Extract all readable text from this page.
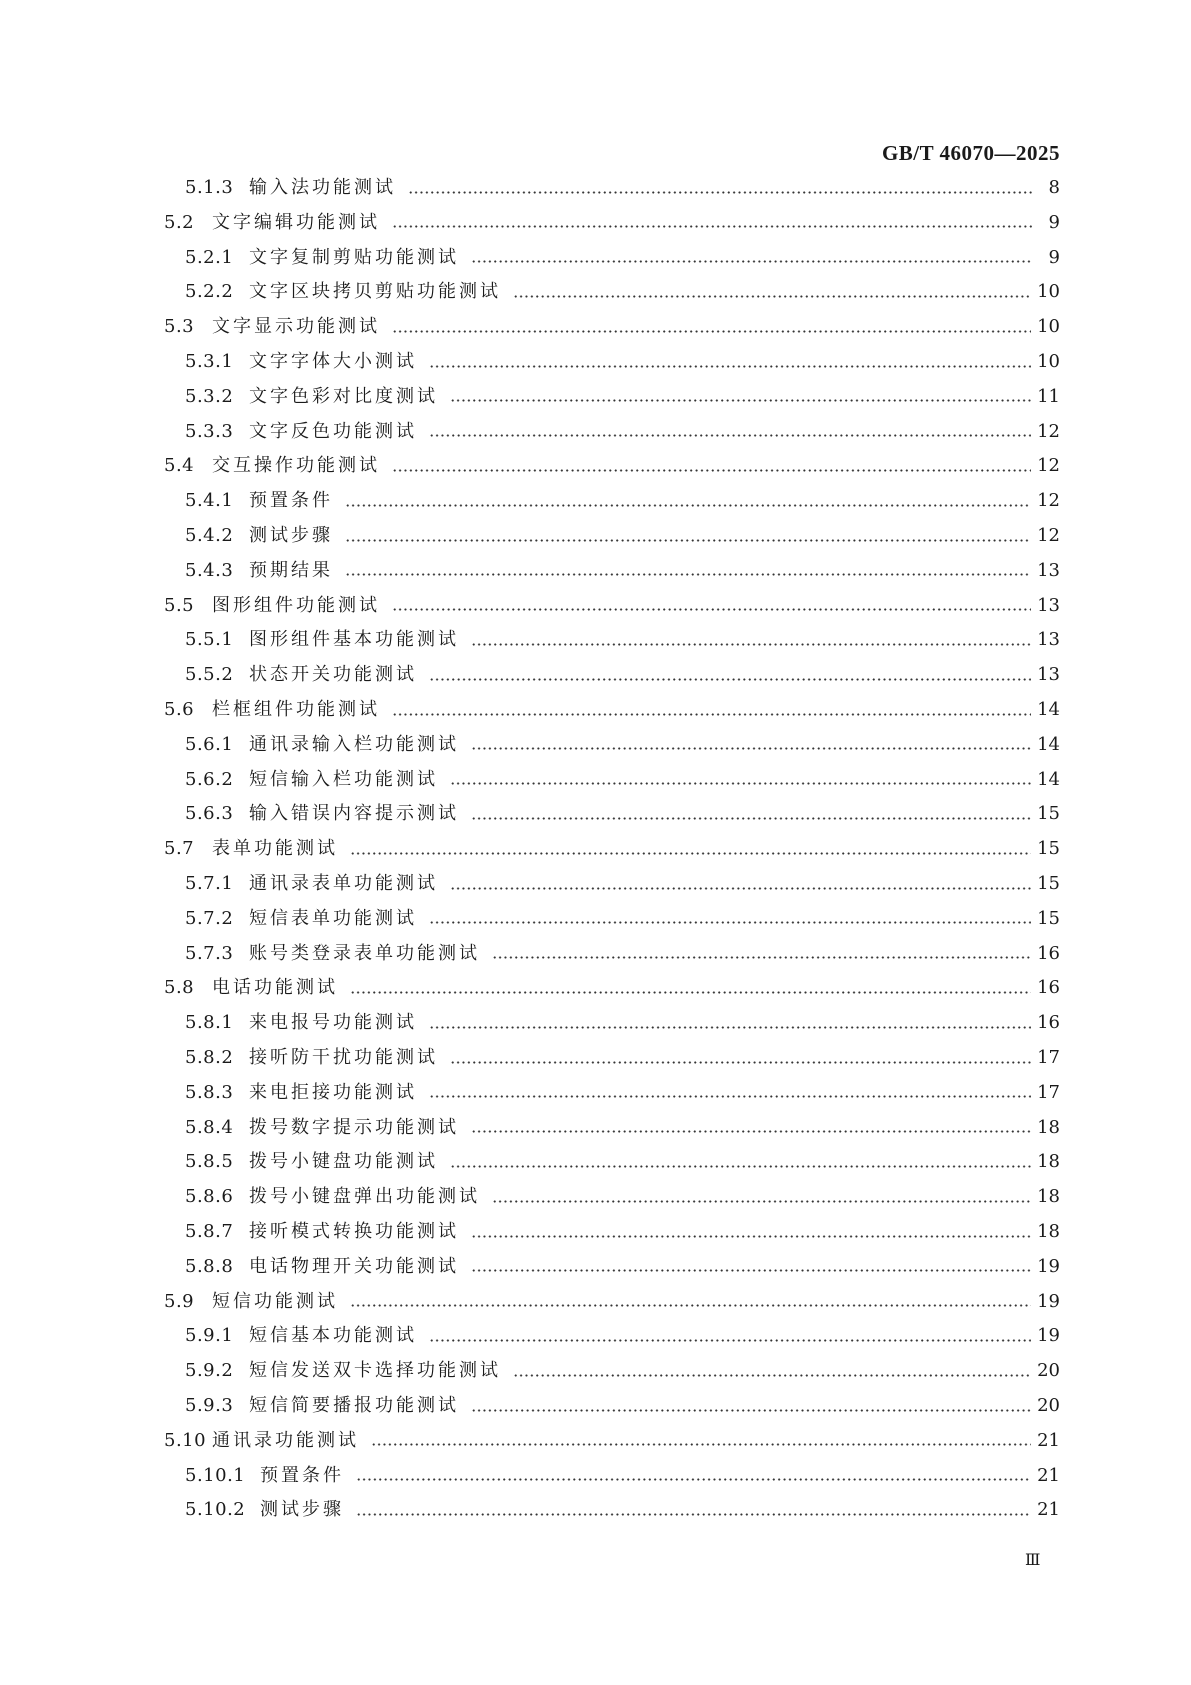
GB/T 46070—2025
5.1.3 输入法功能测试	8
5.2 文字编辑功能测试	9
5.2.1 文字复制剪贴功能测试	9
5.2.2 文字区块拷贝剪贴功能测试	10
5.3 文字显示功能测试	10
5.3.1 文字字体大小测试	10
5.3.2 文字色彩对比度测试	11
5.3.3 文字反色功能测试	12
5.4 交互操作功能测试	12
5.4.1 预置条件	12
5.4.2 测试步骤	12
5.4.3 预期结果	13
5.5 图形组件功能测试	13
5.5.1 图形组件基本功能测试	13
5.5.2 状态开关功能测试	13
5.6 栏框组件功能测试	14
5.6.1 通讯录输入栏功能测试	14
5.6.2 短信输入栏功能测试	14
5.6.3 输入错误内容提示测试	15
5.7 表单功能测试	15
5.7.1 通讯录表单功能测试	15
5.7.2 短信表单功能测试	15
5.7.3 账号类登录表单功能测试	16
5.8 电话功能测试	16
5.8.1 来电报号功能测试	16
5.8.2 接听防干扰功能测试	17
5.8.3 来电拒接功能测试	17
5.8.4 拨号数字提示功能测试	18
5.8.5 拨号小键盘功能测试	18
5.8.6 拨号小键盘弹出功能测试	18
5.8.7 接听模式转换功能测试	18
5.8.8 电话物理开关功能测试	19
5.9 短信功能测试	19
5.9.1 短信基本功能测试	19
5.9.2 短信发送双卡选择功能测试	20
5.9.3 短信简要播报功能测试	20
5.10 通讯录功能测试	21
5.10.1 预置条件	21
5.10.2 测试步骤	21
Ⅲ
